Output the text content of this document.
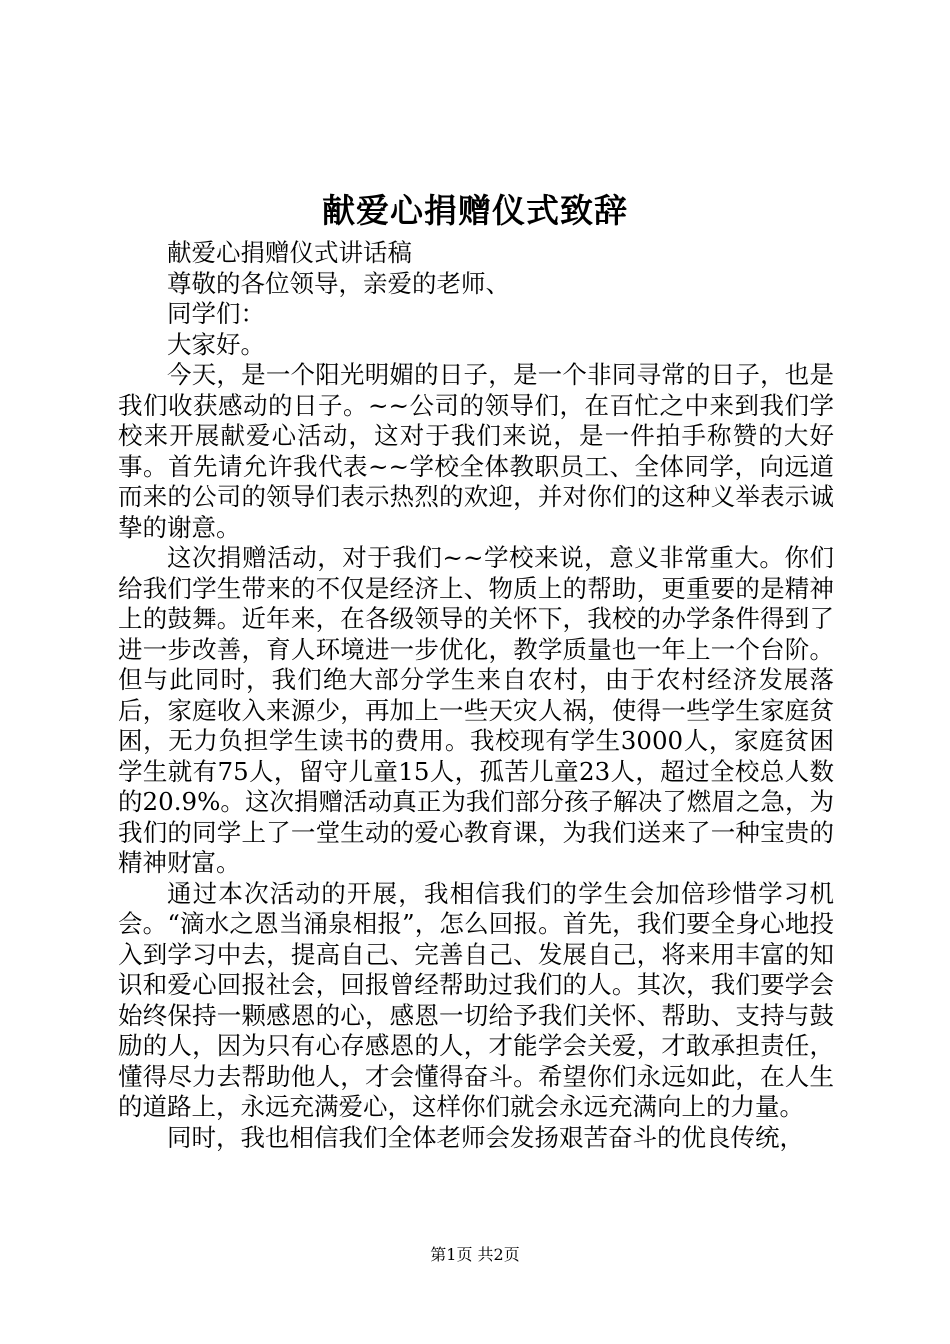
献爱心捐赠仪式致辞

献爱心捐赠仪式讲话稿

尊敬的各位领导，亲爱的老师、

同学们：

大家好。

今天，是一个阳光明媚的日子，是一个非同寻常的日子，也是我们收获感动的日子。~~公司的领导们，在百忙之中来到我们学校来开展献爱心活动，这对于我们来说，是一件拍手称赞的大好事。首先请允许我代表~~学校全体教职员工、全体同学，向远道而来的公司的领导们表示热烈的欢迎，并对你们的这种义举表示诚挚的谢意。

这次捐赠活动，对于我们~~学校来说，意义非常重大。你们给我们学生带来的不仅是经济上、物质上的帮助，更重要的是精神上的鼓舞。近年来，在各级领导的关怀下，我校的办学条件得到了进一步改善，育人环境进一步优化，教学质量也一年上一个台阶。但与此同时，我们绝大部分学生来自农村，由于农村经济发展落后，家庭收入来源少，再加上一些天灾人祸，使得一些学生家庭贫困，无力负担学生读书的费用。我校现有学生3000人，家庭贫困学生就有75人，留守儿童15人，孤苦儿童23人，超过全校总人数的20.9%。这次捐赠活动真正为我们部分孩子解决了燃眉之急，为我们的同学上了一堂生动的爱心教育课，为我们送来了一种宝贵的精神财富。

通过本次活动的开展，我相信我们的学生会加倍珍惜学习机会。“滴水之恩当涌泉相报”，怎么回报。首先，我们要全身心地投入到学习中去，提高自己、完善自己、发展自己，将来用丰富的知识和爱心回报社会，回报曾经帮助过我们的人。其次，我们要学会始终保持一颗感恩的心，感恩一切给予我们关怀、帮助、支持与鼓励的人，因为只有心存感恩的人，才能学会关爱，才敢承担责任，懂得尽力去帮助他人，才会懂得奋斗。希望你们永远如此，在人生的道路上，永远充满爱心，这样你们就会永远充满向上的力量。

同时，我也相信我们全体老师会发扬艰苦奋斗的优良传统，

第1页 共2页
